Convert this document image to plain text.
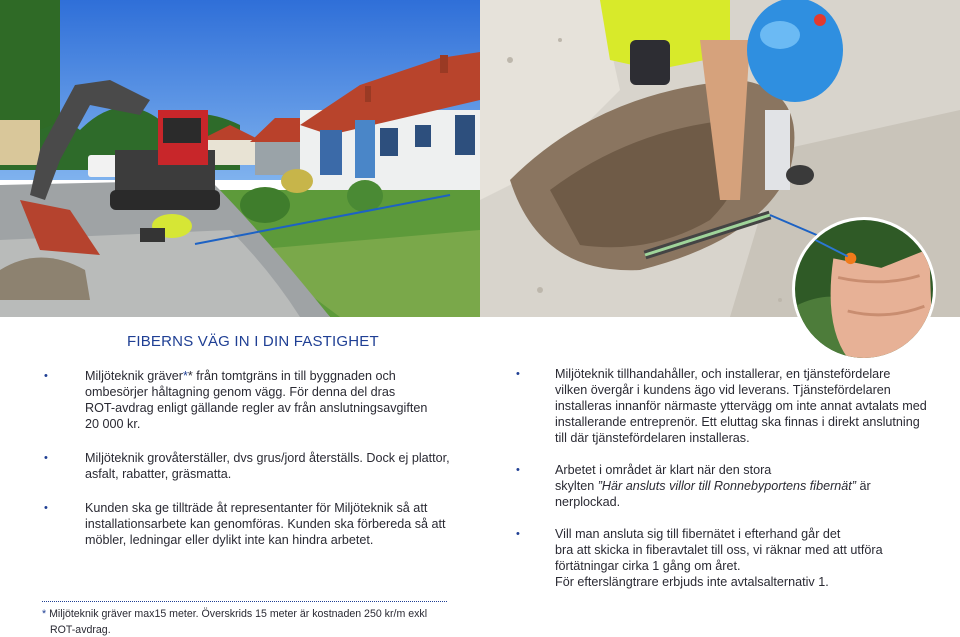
FIBERNS VÄG IN I DIN FASTIGHET
•	Miljöteknik gräver** från tomtgräns in till byggnaden och
ombesörjer håltagning genom vägg. För denna del dras
ROT-avdrag enligt gällande regler av från anslutningsavgiften
20 000 kr.

•	Miljöteknik grovåterställer, dvs grus/jord återställs. Dock ej plattor,
asfalt, rabatter, gräsmatta.

•	Kunden ska ge tillträde åt representanter för Miljöteknik så att
installationsarbete kan genomföras. Kunden ska förbereda så att
möbler, ledningar eller dylikt inte kan hindra arbetet.

•	Miljöteknik tillhandahåller, och installerar, en tjänstefördelare
vilken övergår i kundens ägo vid leverans. Tjänstefördelaren
installeras innanför närmaste yttervägg om inte annat avtalats med
installerande entreprenör. Ett eluttag ska finnas i direkt anslutning
till där tjänstefördelaren installeras.

•	Arbetet i området är klart när den stora
skylten ”Här ansluts villor till Ronnebyportens fibernät” är
nerplockad.

•	Vill man ansluta sig till fibernätet i efterhand går det
bra att skicka in fiberavtalet till oss, vi räknar med att utföra
förtätningar cirka 1 gång om året.
För efterslängtrare erbjuds inte avtalsalternativ 1.

* Miljöteknik gräver max15 meter. Överskrids 15 meter är kostnaden 250 kr/m exkl
ROT-avdrag.
